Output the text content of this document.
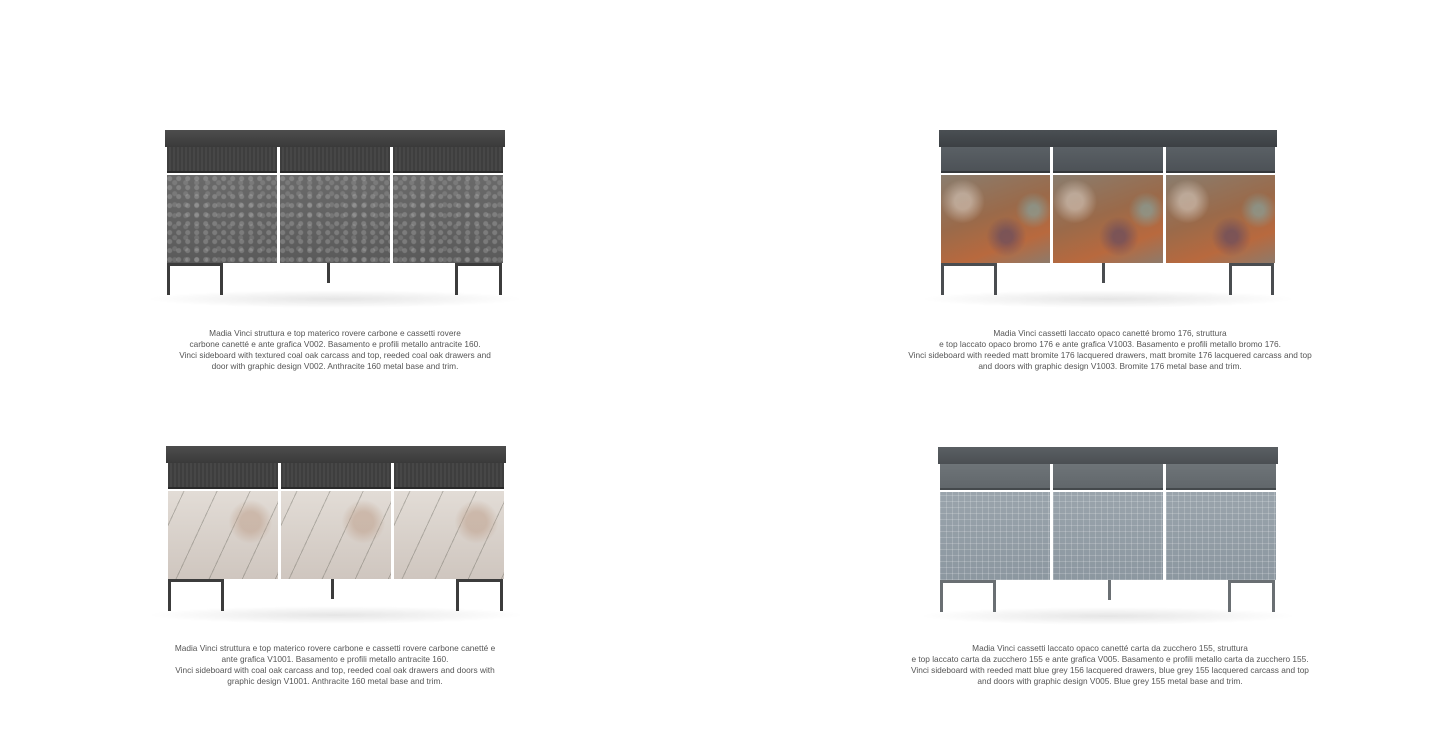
Madia Vinci struttura e top materico rovere carbone e cassetti rovere
carbone canetté e ante grafica V002. Basamento e profili metallo antracite 160.
Vinci sideboard with textured coal oak carcass and top, reeded coal oak drawers and
door with graphic design V002. Anthracite 160 metal base and trim.
Madia Vinci cassetti laccato opaco canetté bromo 176, struttura
e top laccato opaco bromo 176 e ante grafica V1003. Basamento e profili metallo bromo 176.
Vinci sideboard with reeded matt bromite 176 lacquered drawers, matt bromite 176 lacquered carcass and top
and doors with graphic design V1003. Bromite 176 metal base and trim.
Madia Vinci struttura e top materico rovere carbone e cassetti rovere carbone canetté e
ante grafica V1001. Basamento e profili metallo antracite 160.
Vinci sideboard with coal oak carcass and top, reeded coal oak drawers and doors with
graphic design V1001. Anthracite 160 metal base and trim.
Madia Vinci cassetti laccato opaco canetté carta da zucchero 155, struttura
e top laccato carta da zucchero 155 e ante grafica V005. Basamento e profili metallo carta da zucchero 155.
Vinci sideboard with reeded matt blue grey 156 lacquered drawers, blue grey 155 lacquered carcass and top
and doors with graphic design V005. Blue grey 155 metal base and trim.
